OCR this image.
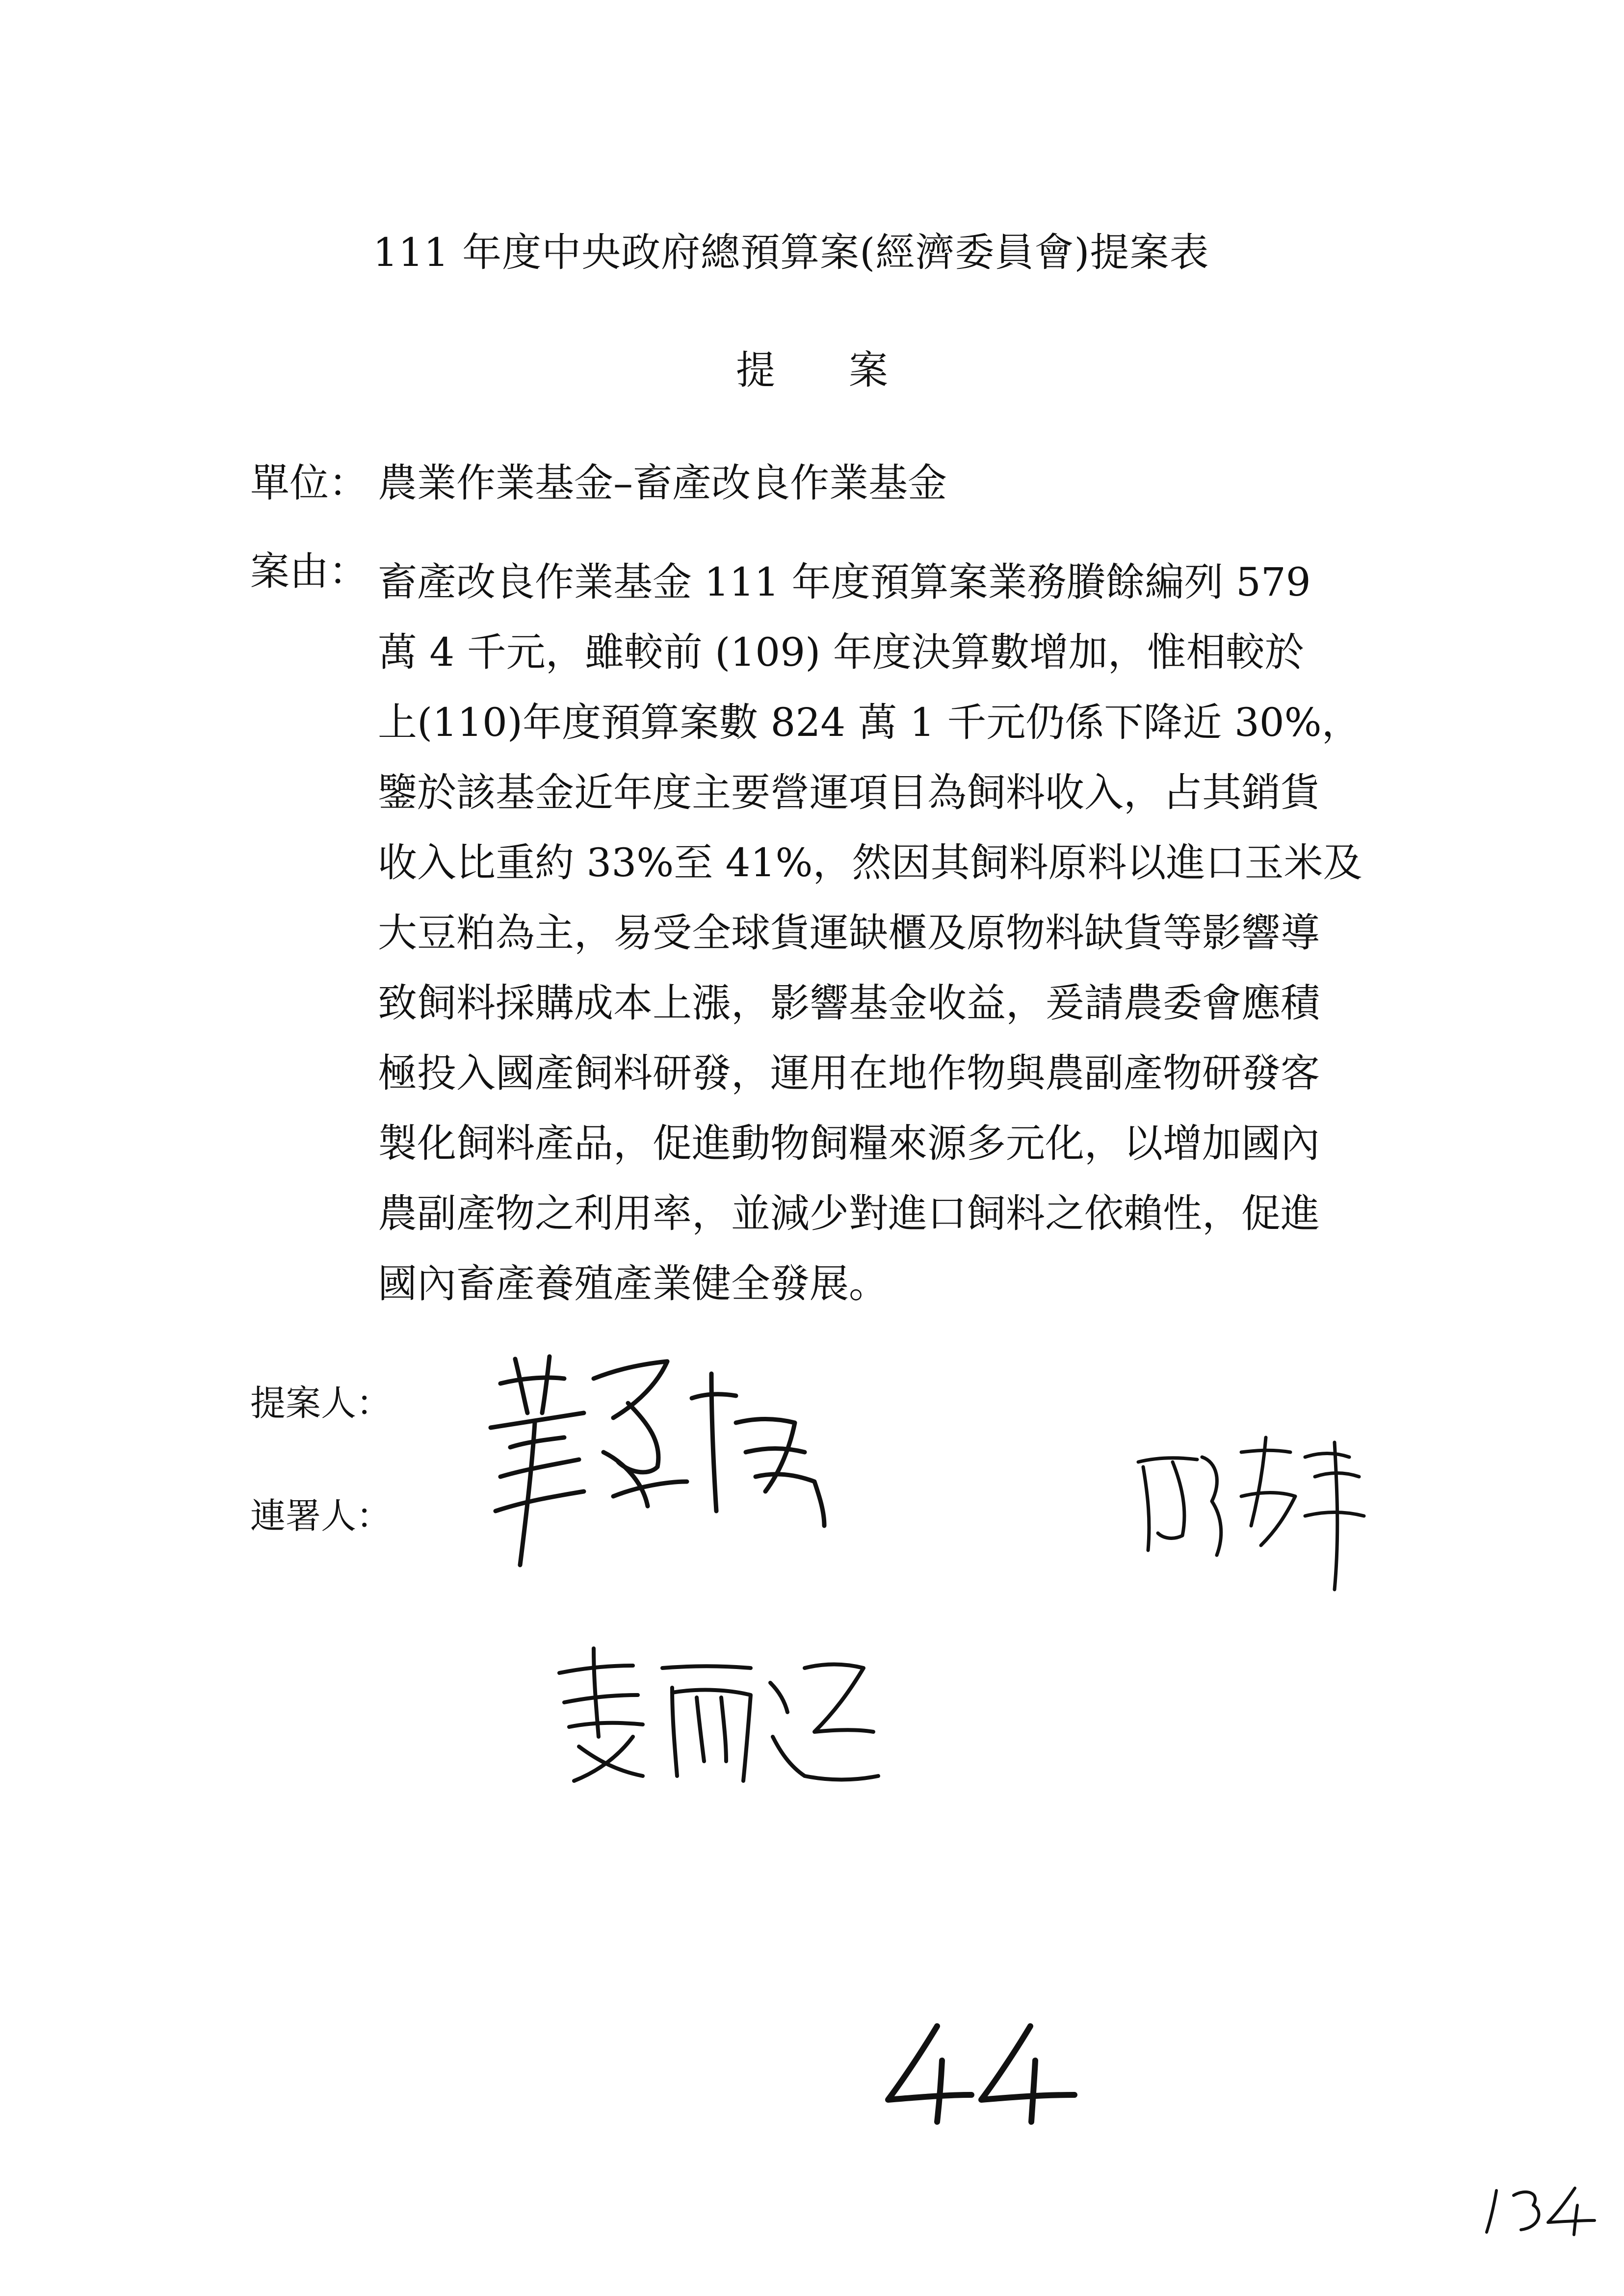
111 年度中央政府總預算案(經濟委員會)提案表
提案
單位： 農業作業基金–畜產改良作業基金
案由： 畜產改良作業基金 111 年度預算案業務賸餘編列 579
萬 4 千元，雖較前 (109) 年度決算數增加，惟相較於
上(110)年度預算案數 824 萬 1 千元仍係下降近 30%，
鑒於該基金近年度主要營運項目為飼料收入，占其銷貨
收入比重約 33%至 41%，然因其飼料原料以進口玉米及
大豆粕為主，易受全球貨運缺櫃及原物料缺貨等影響導
致飼料採購成本上漲，影響基金收益，爰請農委會應積
極投入國產飼料研發，運用在地作物與農副產物研發客
製化飼料產品，促進動物飼糧來源多元化，以增加國內
農副產物之利用率，並減少對進口飼料之依賴性，促進
國內畜產養殖產業健全發展。
提案人：
連署人：
